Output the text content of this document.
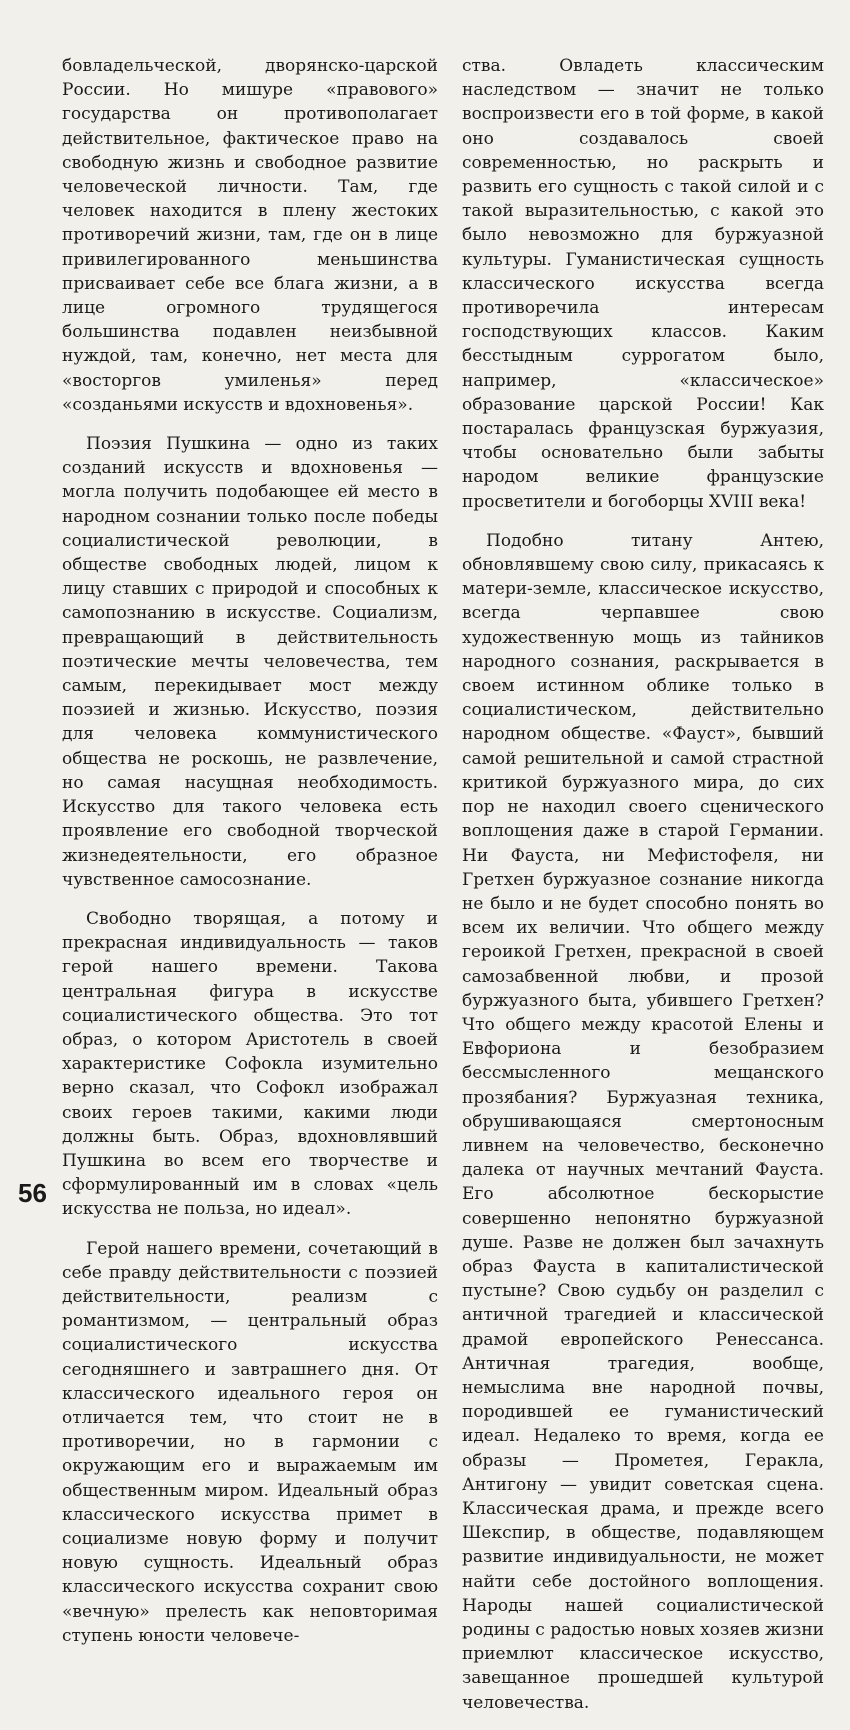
бовладельческой, дворянско-царской России. Но мишуре «правового» государства он противополагает действительное, фактическое право на свободную жизнь и свободное развитие человеческой личности. Там, где человек находится в плену жестоких противоречий жизни, там, где он в лице привилегированного меньшинства присваивает себе все блага жизни, а в лице огромного трудящегося большинства подавлен неизбывной нуждой, там, конечно, нет места для «восторгов умиленья» перед «созданьями искусств и вдохновенья».

Поэзия Пушкина — одно из таких созданий искусств и вдохновенья — могла получить подобающее ей место в народном сознании только после победы социалистической революции, в обществе свободных людей, лицом к лицу ставших с природой и способных к самопознанию в искусстве. Социализм, превращающий в действительность поэтические мечты человечества, тем самым, перекидывает мост между поэзией и жизнью. Искусство, поэзия для человека коммунистического общества не роскошь, не развлечение, но самая насущная необходимость. Искусство для такого человека есть проявление его свободной творческой жизнедеятельности, его образное чувственное самосознание.

Свободно творящая, а потому и прекрасная индивидуальность — таков герой нашего времени. Такова центральная фигура в искусстве социалистического общества. Это тот образ, о котором Аристотель в своей характеристике Софокла изумительно верно сказал, что Софокл изображал своих героев такими, какими люди должны быть. Образ, вдохновлявший Пушкина во всем его творчестве и сформулированный им в словах «цель искусства не польза, но идеал».

Герой нашего времени, сочетающий в себе правду действительности с поэзией действительности, реализм с романтизмом, — центральный образ социалистического искусства сегодняшнего и завтрашнего дня. От классического идеального героя он отличается тем, что стоит не в противоречии, но в гармонии с окружающим его и выражаемым им общественным миром. Идеальный образ классического искусства примет в социализме новую форму и получит новую сущность. Идеальный образ классического искусства сохранит свою «вечную» прелесть как неповторимая ступень юности человече-

ства. Овладеть классическим наследством — значит не только воспроизвести его в той форме, в какой оно создавалось своей современностью, но раскрыть и развить его сущность с такой силой и с такой выразительностью, с какой это было невозможно для буржуазной культуры. Гуманистическая сущность классического искусства всегда противоречила интересам господствующих классов. Каким бесстыдным суррогатом было, например, «классическое» образование царской России! Как постаралась французская буржуазия, чтобы основательно были забыты народом великие французские просветители и богоборцы XVIII века!

Подобно титану Антею, обновлявшему свою силу, прикасаясь к матери-земле, классическое искусство, всегда черпавшее свою художественную мощь из тайников народного сознания, раскрывается в своем истинном облике только в социалистическом, действительно народном обществе. «Фауст», бывший самой решительной и самой страстной критикой буржуазного мира, до сих пор не находил своего сценического воплощения даже в старой Германии. Ни Фауста, ни Мефистофеля, ни Гретхен буржуазное сознание никогда не было и не будет способно понять во всем их величии. Что общего между героикой Гретхен, прекрасной в своей самозабвенной любви, и прозой буржуазного быта, убившего Гретхен? Что общего между красотой Елены и Евфориона и безобразием бессмысленного мещанского прозябания? Буржуазная техника, обрушивающаяся смертоносным ливнем на человечество, бесконечно далека от научных мечтаний Фауста. Его абсолютное бескорыстие совершенно непонятно буржуазной душе. Разве не должен был зачахнуть образ Фауста в капиталистической пустыне? Свою судьбу он разделил с античной трагедией и классической драмой европейского Ренессанса. Античная трагедия, вообще, немыслима вне народной почвы, породившей ее гуманистический идеал. Недалеко то время, когда ее образы — Прометея, Геракла, Антигону — увидит советская сцена. Классическая драма, и прежде всего Шекспир, в обществе, подавляющем развитие индивидуальности, не может найти себе достойного воплощения. Народы нашей социалистической родины с радостью новых хозяев жизни приемлют классическое искусство, завещанное прошедшей культурой человечества.

56
